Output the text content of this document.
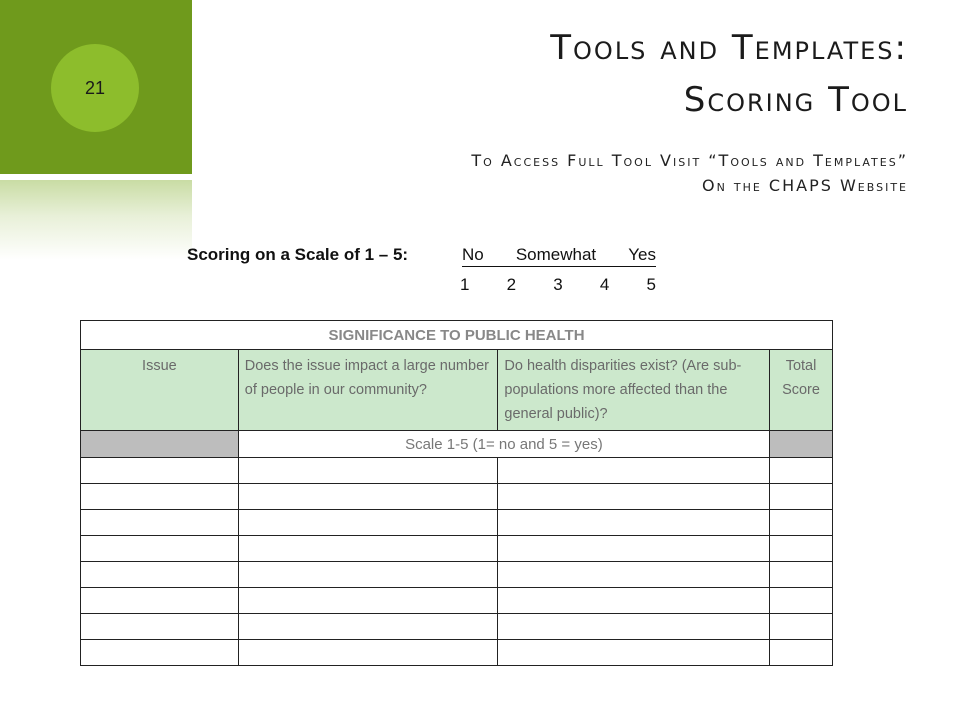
21
Tools and Templates:
Scoring Tool
To Access Full Tool Visit “Tools and Templates”
On the CHAPS Website
Scoring on a Scale of 1 – 5:	No Somewhat Yes
1 2 3 4 5
SIGNIFICANCE TO PUBLIC HEALTH			
Issue	Does the issue impact a large number of people in our community?	Do health disparities exist? (Are sub-populations more affected than the general public)?	Total Score
	Scale 1-5 (1= no and 5 = yes)		
